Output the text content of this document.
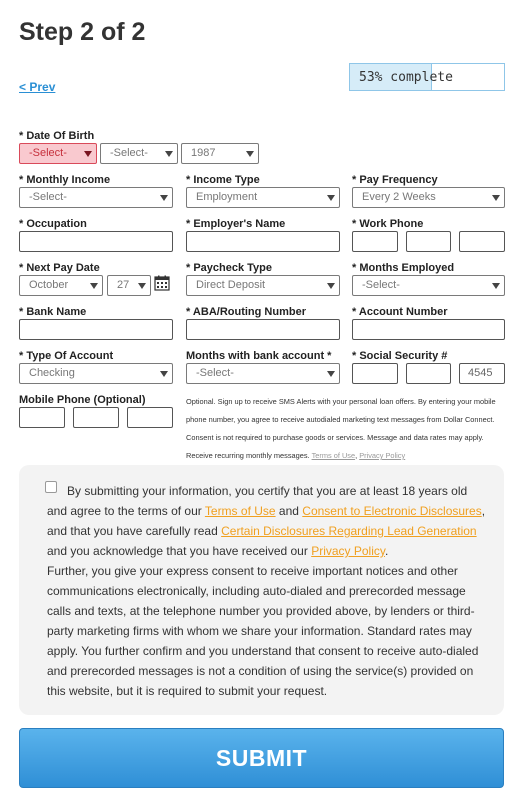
Step 2 of 2
< Prev
53% complete
* Date Of Birth
-Select-	-Select-	1987
* Monthly Income
-Select-
* Income Type
Employment
* Pay Frequency
Every 2 Weeks
* Occupation	* Employer's Name	* Work Phone
* Next Pay Date
October	27
* Paycheck Type
Direct Deposit
* Months Employed
-Select-
* Bank Name	* ABA/Routing Number	* Account Number
* Type Of Account
Checking
Months with bank account *
-Select-
* Social Security #
4545
Mobile Phone (Optional)	Optional. Sign up to receive SMS Alerts with your personal loan offers. By entering your mobile phone number, you agree to receive autodialed marketing text messages from Dollar Connect. Consent is not required to purchase goods or services. Message and data rates may apply. Receive recurring monthly messages. Terms of Use, Privacy Policy
By submitting your information, you certify that you are at least 18 years old and agree to the terms of our Terms of Use and Consent to Electronic Disclosures, and that you have carefully read Certain Disclosures Regarding Lead Generation and you acknowledge that you have received our Privacy Policy.
Further, you give your express consent to receive important notices and other communications electronically, including auto-dialed and prerecorded message calls and texts, at the telephone number you provided above, by lenders or third-party marketing firms with whom we share your information. Standard rates may apply. You further confirm and you understand that consent to receive auto-dialed and prerecorded messages is not a condition of using the service(s) provided on this website, but it is required to submit your request.
SUBMIT
